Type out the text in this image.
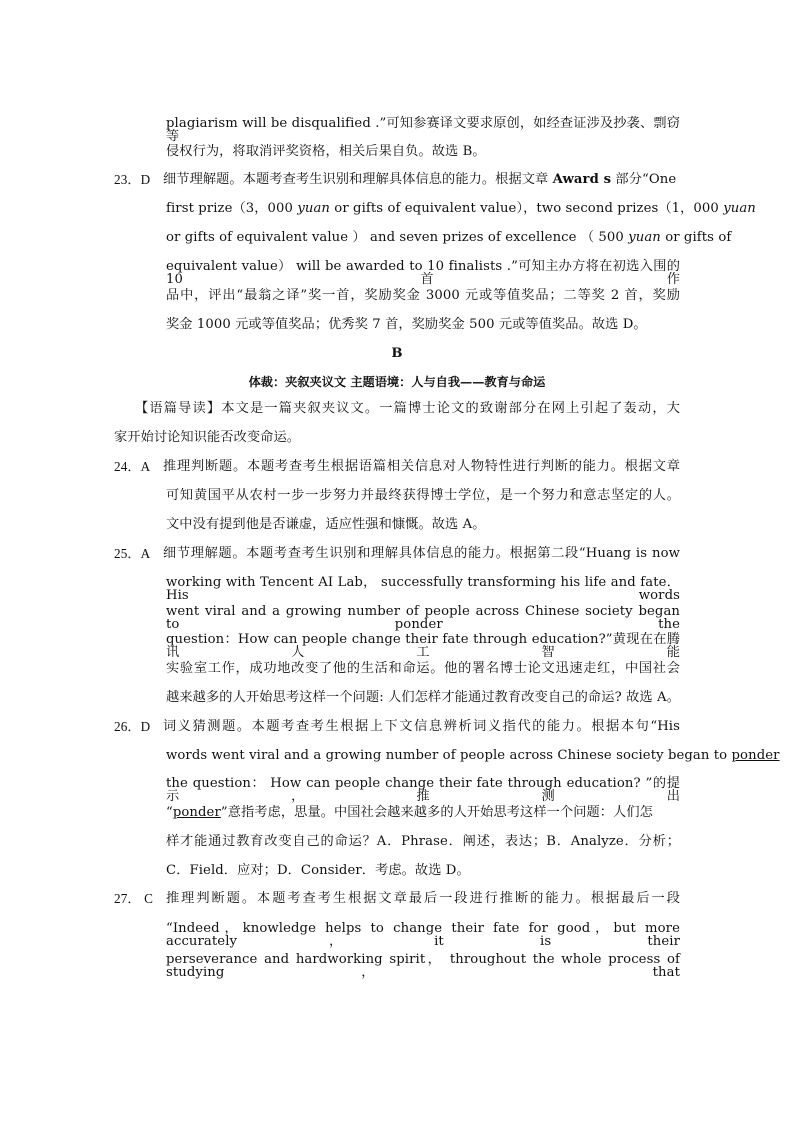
plagiarism will be disqualified .”可知参赛译文要求原创，如经查证涉及抄袭、剽窃等
侵权行为，将取消评奖资格，相关后果自负。故选 B。
23．D 细节理解题。本题考查考生识别和理解具体信息的能力。根据文章 Award s 部分“One
first prize（3，000 yuan or gifts of equivalent value），two second prizes（1，000 yuan
or gifts of equivalent value ） and seven prizes of excellence （ 500 yuan or gifts of
equivalent value） will be awarded to 10 finalists .”可知主办方将在初选入围的 10 首作
品中，评出“最翁之译”奖一首，奖励奖金 3000 元或等值奖品；二等奖 2 首，奖励
奖金 1000 元或等值奖品；优秀奖 7 首，奖励奖金 500 元或等值奖品。故选 D。
B
体裁：夹叙夹议文 主题语境：人与自我——教育与命运
【语篇导读】本文是一篇夹叙夹议文。一篇博士论文的致谢部分在网上引起了轰动，大
家开始讨论知识能否改变命运。
24．A 推理判断题。本题考查考生根据语篇相关信息对人物特性进行判断的能力。根据文章
可知黄国平从农村一步一步努力并最终获得博士学位，是一个努力和意志坚定的人。
文中没有提到他是否谦虚，适应性强和慷慨。故选 A。
25．A 细节理解题。本题考查考生识别和理解具体信息的能力。根据第二段“Huang is now
working with Tencent AI Lab， successfully transforming his life and fate． His words
went viral and a growing number of people across Chinese society began to ponder the
question：How can people change their fate through education?”黄现在在腾讯人工智能
实验室工作，成功地改变了他的生活和命运。他的署名博士论文迅速走红，中国社会
越来越多的人开始思考这样一个问题: 人们怎样才能通过教育改变自己的命运? 故选 A。
26．D 词义猜测题。本题考查考生根据上下文信息辨析词义指代的能力。根据本句“His
words went viral and a growing number of people across Chinese society began to ponder
the question： How can people change their fate through education? ”的提示，推测出
“ponder”意指考虑，思量。中国社会越来越多的人开始思考这样一个问题：人们怎
样才能通过教育改变自己的命运？A．Phrase．阐述，表达；B．Analyze．分析；
C．Field．应对；D．Consider．考虑。故选 D。
27． C 推理判断题。本题考查考生根据文章最后一段进行推断的能力。根据最后一段
“Indeed，knowledge helps to change their fate for good，but more accurately，it is their
perseverance and hardworking spirit， throughout the whole process of studying， that
